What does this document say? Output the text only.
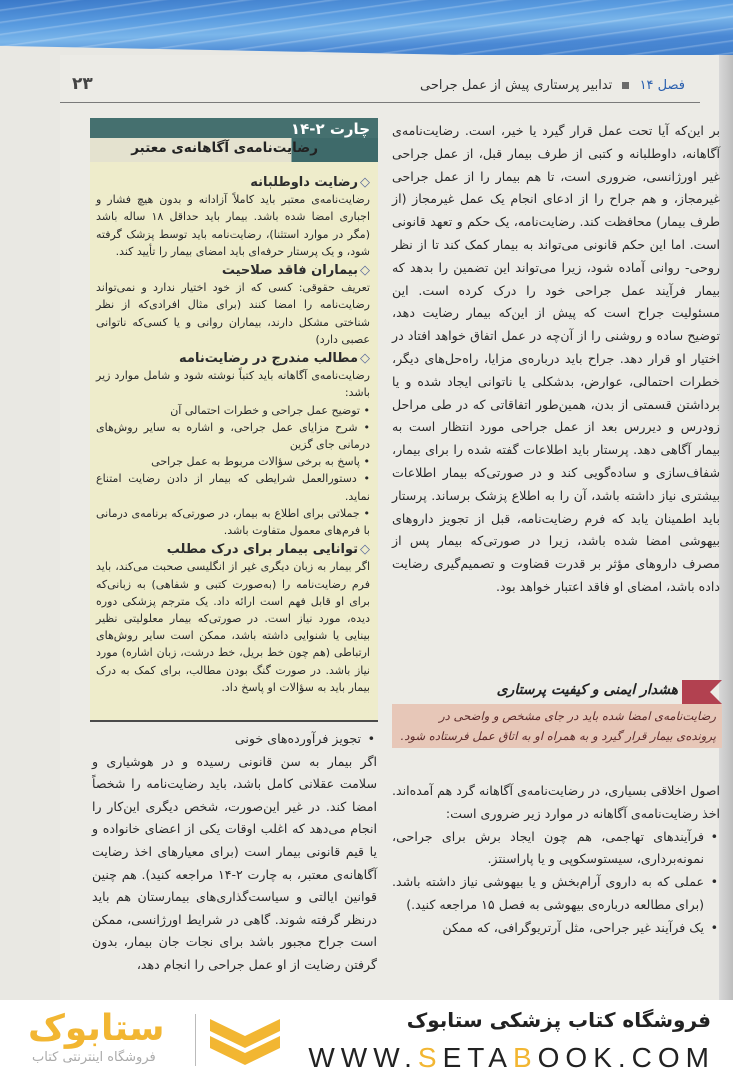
فصل ۱۴  تدابیر پرستاری پیش از عمل جراحی
۲۳
چارت ۲-۱۴
رضایت‌نامه‌ی آگاهانه‌ی معتبر
◇رضایت داوطلبانه

رضایت‌نامه‌ی معتبر باید کاملاً آزادانه و بدون هیچ فشار و اجباری امضا شده باشد. بیمار باید حداقل ۱۸ ساله باشد (مگر در موارد استثنا)، رضایت‌نامه باید توسط پزشک گرفته شود، و یک پرستار حرفه‌ای باید امضای بیمار را تأیید کند.

◇بیماران فاقد صلاحیت

تعریف حقوقی: کسی که از خود اختیار ندارد و نمی‌تواند رضایت‌نامه را امضا کنند (برای مثال افرادی‌که از نظر شناختی مشکل دارند، بیماران روانی و یا کسی‌که ناتوانی عصبی دارد)

◇مطالب مندرج در رضایت‌نامه

رضایت‌نامه‌ی آگاهانه باید کتباً نوشته شود و شامل موارد زیر باشد:

• توضیح عمل جراحی و خطرات احتمالی آن
• شرح مزایای عمل جراحی، و اشاره به سایر روش‌های درمانی جای گزین
• پاسخ به برخی سؤالات مربوط به عمل جراحی
• دستورالعمل شرایطی که بیمار از دادن رضایت امتناع نماید.
• جملاتی برای اطلاع به بیمار، در صورتی‌که برنامه‌ی درمانی با فرم‌های معمول متفاوت باشد.
◇توانایی بیمار برای درک مطلب

اگر بیمار به زبان دیگری غیر از انگلیسی صحبت می‌کند، باید فرم رضایت‌نامه را (به‌صورت کتبی و شفاهی) به زبانی‌که برای او قابل فهم است ارائه داد. یک مترجم پزشکی دوره دیده، مورد نیاز است. در صورتی‌که بیمار معلولیتی نظیر بینایی یا شنوایی داشته باشد، ممکن است سایر روش‌های ارتباطی (هم چون خط بریل، خط درشت، زبان اشاره) مورد نیاز باشد. در صورت گنگ بودن مطالب، برای کمک به درک بیمار باید به سؤالات او پاسخ داد.

بر این‌که آیا تحت عمل قرار گیرد یا خیر، است. رضایت‌نامه‌ی آگاهانه، داوطلبانه و کتبی از طرف بیمار قبل، از عمل جراحی غیر اورژانسی، ضروری است، تا هم بیمار را از عمل جراحی غیرمجاز، و هم جراح را از ادعای انجام یک عمل غیرمجاز (از طرف بیمار) محافظت کند. رضایت‌نامه، یک حکم و تعهد قانونی است. اما این حکم قانونی می‌تواند به بیمار کمک کند تا از نظر روحی- روانی آماده شود، زیرا می‌تواند این تضمین را بدهد که بیمار فرآیند عمل جراحی خود را درک کرده است. این مسئولیت جراح است که پیش از این‌که بیمار رضایت دهد، توضیح ساده و روشنی را از آن‌چه در عمل اتفاق خواهد افتاد در اختیار او قرار دهد. جراح باید درباره‌ی مزایا، راه‌حل‌های دیگر، خطرات احتمالی، عوارض، بدشکلی یا ناتوانی ایجاد شده و یا برداشتن قسمتی از بدن، همین‌طور اتفاقاتی که در طی مراحل زودرس و دیررس بعد از عمل جراحی مورد انتظار است به بیمار آگاهی دهد. پرستار باید اطلاعات گفته شده را برای بیمار، شفاف‌سازی و ساده‌گویی کند و در صورتی‌که بیمار اطلاعات بیشتری نیاز داشته باشد، آن را به اطلاع پزشک برساند. پرستار باید اطمینان یابد که فرم رضایت‌نامه، قبل از تجویز داروهای بیهوشی امضا شده باشد، زیرا در صورتی‌که بیمار پس از مصرف داروهای مؤثر بر قدرت قضاوت و تصمیم‌گیری رضایت داده باشد، امضای او فاقد اعتبار خواهد بود.

هشدار ایمنی و کیفیت پرستاری
رضایت‌نامه‌ی امضا شده باید در جای مشخص و واضحی در پرونده‌ی بیمار قرار گیرد و به همراه او به اتاق عمل فرستاده شود.

اصول اخلاقی بسیاری، در رضایت‌نامه‌ی آگاهانه گرد هم آمده‌اند. اخذ رضایت‌نامه‌ی آگاهانه در موارد زیر ضروری است:

• فرآیندهای تهاجمی، هم چون ایجاد برش برای جراحی، نمونه‌برداری، سیستوسکوپی و یا پاراسنتز.
• عملی که به داروی آرام‌بخش و یا بیهوشی نیاز داشته باشد. (برای مطالعه درباره‌ی بیهوشی به فصل ۱۵ مراجعه کنید.)
• یک فرآیند غیر جراحی، مثل آرتریوگرافی، که ممکن
• تجویز فرآورده‌های خونی

اگر بیمار به سن قانونی رسیده و در هوشیاری و سلامت عقلانی کامل باشد، باید رضایت‌نامه را شخصاً امضا کند. در غیر این‌صورت، شخص دیگری این‌کار را انجام می‌دهد که اغلب اوقات یکی از اعضای خانواده و یا قیم قانونی بیمار است (برای معیارهای اخذ رضایت آگاهانه‌ی معتبر، به چارت ۲-۱۴ مراجعه کنید). هم چنین قوانین ایالتی و سیاست‌گذاری‌های بیمارستان هم باید درنظر گرفته شوند. گاهی در شرایط اورژانسی، ممکن است جراح مجبور باشد برای نجات جان بیمار، بدون گرفتن رضایت از او عمل جراحی را انجام دهد،

فروشگاه کتاب پزشکی ستابوک
WWW.SETABOOK.COM
ستابوک
فروشگاه اینترنتی کتاب
